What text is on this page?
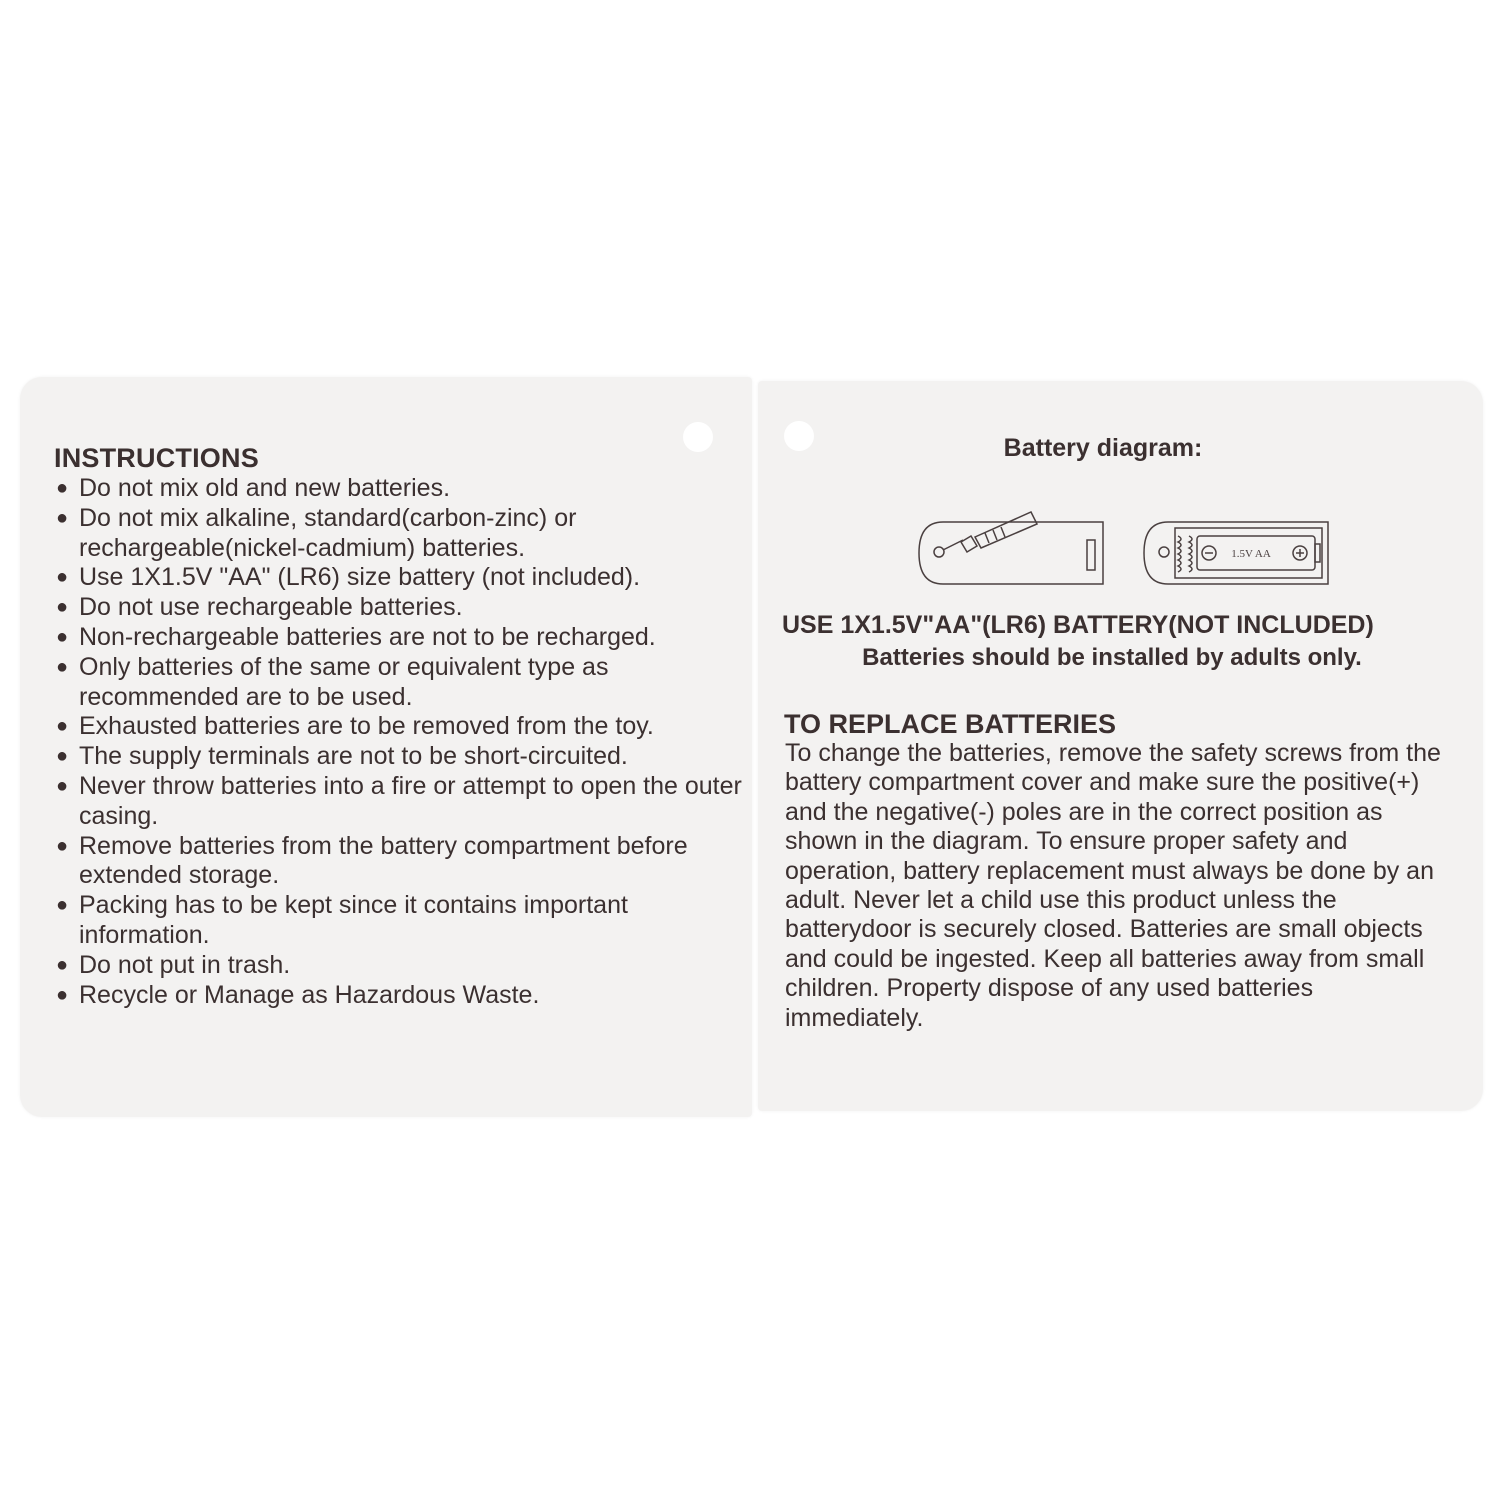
INSTRUCTIONS
● Do not mix old and new batteries.
● Do not mix alkaline, standard(carbon-zinc) or rechargeable(nickel-cadmium) batteries.
● Use 1X1.5V "AA" (LR6) size battery (not included).
● Do not use rechargeable batteries.
● Non-rechargeable batteries are not to be recharged.
● Only batteries of the same or equivalent type as recommended are to be used.
● Exhausted batteries are to be removed from the toy.
● The supply terminals are not to be short-circuited.
● Never throw batteries into a fire or attempt to open the outer casing.
● Remove batteries from the battery compartment before extended storage.
● Packing has to be kept since it contains important information.
● Do not put in trash.
● Recycle or Manage as Hazardous Waste.
Battery diagram:
1.5V AA
USE 1X1.5V"AA"(LR6) BATTERY(NOT INCLUDED)
Batteries should be installed by adults only.
TO REPLACE BATTERIES
To change the batteries, remove the safety screws from the battery compartment cover and make sure the positive(+) and the negative(-) poles are in the correct position as shown in the diagram. To ensure proper safety and operation, battery replacement must always be done by an adult. Never let a child use this product unless the batterydoor is securely closed. Batteries are small objects and could be ingested. Keep all batteries away from small children. Property dispose of any used batteries immediately.
